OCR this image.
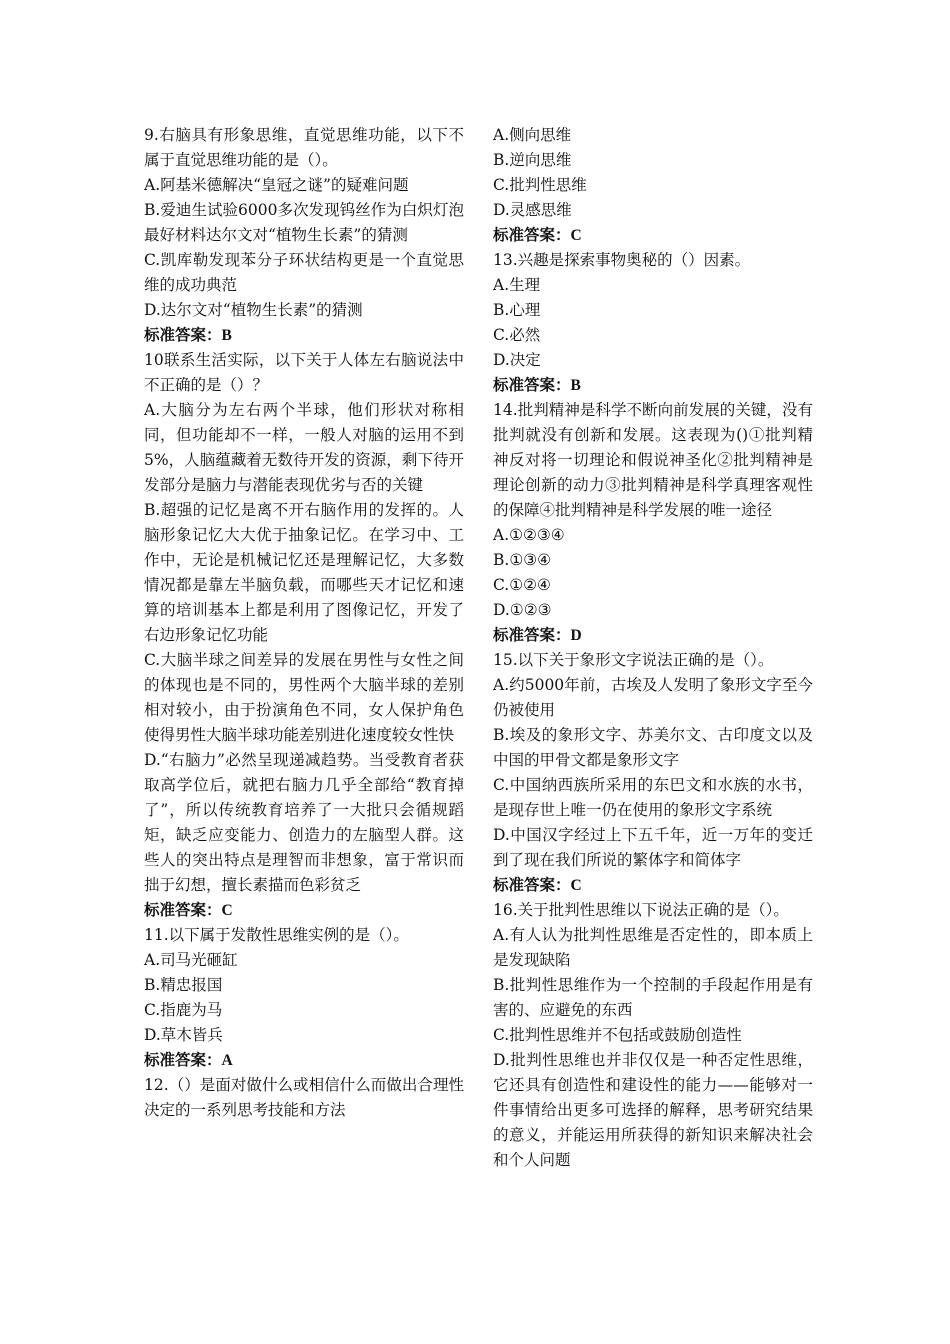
9.右脑具有形象思维，直觉思维功能，以下不属于直觉思维功能的是（）。
A.阿基米德解决“皇冠之谜”的疑难问题
B.爱迪生试验6000多次发现钨丝作为白炽灯泡最好材料达尔文对“植物生长素”的猜测
C.凯库勒发现苯分子环状结构更是一个直觉思维的成功典范
D.达尔文对“植物生长素”的猜测
标准答案：B
10联系生活实际，以下关于人体左右脑说法中不正确的是（）？
A.大脑分为左右两个半球，他们形状对称相同，但功能却不一样，一般人对脑的运用不到5%，人脑蕴藏着无数待开发的资源，剩下待开发部分是脑力与潜能表现优劣与否的关键
B.超强的记忆是离不开右脑作用的发挥的。人脑形象记忆大大优于抽象记忆。在学习中、工作中，无论是机械记忆还是理解记忆，大多数情况都是靠左半脑负载，而哪些天才记忆和速算的培训基本上都是利用了图像记忆，开发了右边形象记忆功能
C.大脑半球之间差异的发展在男性与女性之间的体现也是不同的，男性两个大脑半球的差别相对较小，由于扮演角色不同，女人保护角色使得男性大脑半球功能差别进化速度较女性快
D.“右脑力”必然呈现递减趋势。当受教育者获取高学位后，就把右脑力几乎全部给“教育掉了”，所以传统教育培养了一大批只会循规蹈矩，缺乏应变能力、创造力的左脑型人群。这些人的突出特点是理智而非想象，富于常识而拙于幻想，擅长素描而色彩贫乏
标准答案：C
11.以下属于发散性思维实例的是（）。
A.司马光砸缸
B.精忠报国
C.指鹿为马
D.草木皆兵
标准答案：A
12.（）是面对做什么或相信什么而做出合理性决定的一系列思考技能和方法
A.侧向思维
B.逆向思维
C.批判性思维
D.灵感思维
标准答案：C
13.兴趣是探索事物奥秘的（）因素。
A.生理
B.心理
C.必然
D.决定
标准答案：B
14.批判精神是科学不断向前发展的关键，没有批判就没有创新和发展。这表现为()①批判精神反对将一切理论和假说神圣化②批判精神是理论创新的动力③批判精神是科学真理客观性的保障④批判精神是科学发展的唯一途径
A.①②③④
B.①③④
C.①②④
D.①②③
标准答案：D
15.以下关于象形文字说法正确的是（）。
A.约5000年前，古埃及人发明了象形文字至今仍被使用
B.埃及的象形文字、苏美尔文、古印度文以及中国的甲骨文都是象形文字
C.中国纳西族所采用的东巴文和水族的水书，是现存世上唯一仍在使用的象形文字系统
D.中国汉字经过上下五千年，近一万年的变迁到了现在我们所说的繁体字和简体字
标准答案：C
16.关于批判性思维以下说法正确的是（）。
A.有人认为批判性思维是否定性的，即本质上是发现缺陷
B.批判性思维作为一个控制的手段起作用是有害的、应避免的东西
C.批判性思维并不包括或鼓励创造性
D.批判性思维也并非仅仅是一种否定性思维，它还具有创造性和建设性的能力——能够对一件事情给出更多可选择的解释，思考研究结果的意义，并能运用所获得的新知识来解决社会和个人问题
